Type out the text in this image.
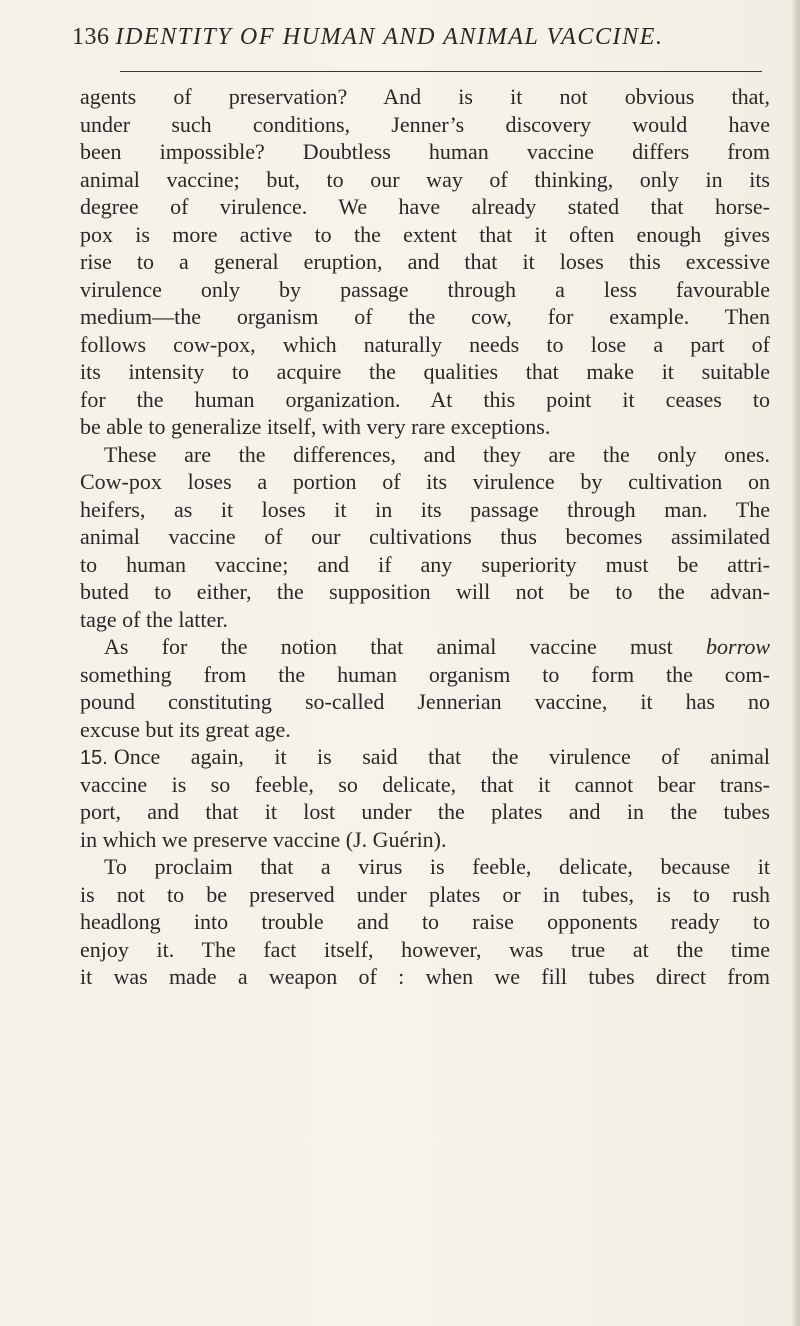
136 IDENTITY OF HUMAN AND ANIMAL VACCINE.
agents of preservation? And is it not obvious that,
under such conditions, Jenner’s discovery would have
been impossible? Doubtless human vaccine differs from
animal vaccine; but, to our way of thinking, only in its
degree of virulence. We have already stated that horse-
pox is more active to the extent that it often enough gives
rise to a general eruption, and that it loses this excessive
virulence only by passage through a less favourable
medium—the organism of the cow, for example. Then
follows cow-pox, which naturally needs to lose a part of
its intensity to acquire the qualities that make it suitable
for the human organization. At this point it ceases to
be able to generalize itself, with very rare exceptions.
These are the differences, and they are the only ones.
Cow-pox loses a portion of its virulence by cultivation on
heifers, as it loses it in its passage through man. The
animal vaccine of our cultivations thus becomes assimilated
to human vaccine; and if any superiority must be attri-
buted to either, the supposition will not be to the advan-
tage of the latter.
As for the notion that animal vaccine must borrow
something from the human organism to form the com-
pound constituting so-called Jennerian vaccine, it has no
excuse but its great age.
15. Once again, it is said that the virulence of animal
vaccine is so feeble, so delicate, that it cannot bear trans-
port, and that it lost under the plates and in the tubes
in which we preserve vaccine (J. Guérin).
To proclaim that a virus is feeble, delicate, because it
is not to be preserved under plates or in tubes, is to rush
headlong into trouble and to raise opponents ready to
enjoy it. The fact itself, however, was true at the time
it was made a weapon of : when we fill tubes direct from
